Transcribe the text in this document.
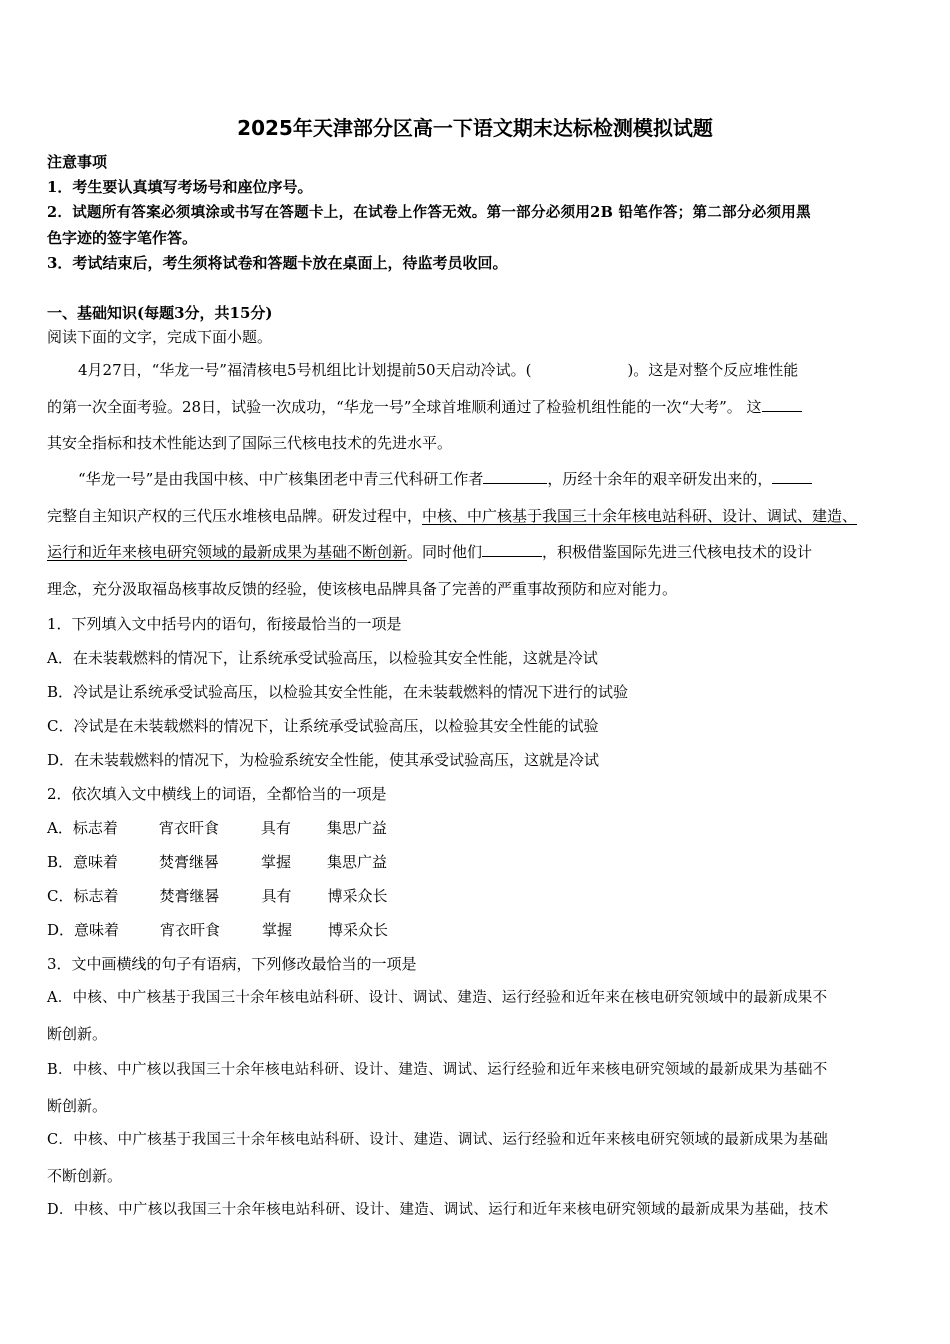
2025年天津部分区高一下语文期末达标检测模拟试题
注意事项
1．考生要认真填写考场号和座位序号。
2．试题所有答案必须填涂或书写在答题卡上，在试卷上作答无效。第一部分必须用2B 铅笔作答；第二部分必须用黑
色字迹的签字笔作答。
3．考试结束后，考生须将试卷和答题卡放在桌面上，待监考员收回。
一、基础知识(每题3分，共15分)
阅读下面的文字，完成下面小题。
4月27日，“华龙一号”福清核电5号机组比计划提前50天启动冷试。(	)。这是对整个反应堆性能
的第一次全面考验。28日，试验一次成功，“华龙一号”全球首堆顺利通过了检验机组性能的一次“大考”。 这
其安全指标和技术性能达到了国际三代核电技术的先进水平。
“华龙一号”是由我国中核、中广核集团老中青三代科研工作者	，历经十余年的艰辛研发出来的，
完整自主知识产权的三代压水堆核电品牌。研发过程中，中核、中广核基于我国三十余年核电站科研、设计、调试、建造、
运行和近年来核电研究领域的最新成果为基础不断创新。同时他们	，积极借鉴国际先进三代核电技术的设计
理念，充分汲取福岛核事故反馈的经验，使该核电品牌具备了完善的严重事故预防和应对能力。
1．下列填入文中括号内的语句，衔接最恰当的一项是
A．在未装载燃料的情况下，让系统承受试验高压，以检验其安全性能，这就是冷试
B．冷试是让系统承受试验高压，以检验其安全性能，在未装载燃料的情况下进行的试验
C．冷试是在未装载燃料的情况下，让系统承受试验高压，以检验其安全性能的试验
D．在未装载燃料的情况下，为检验系统安全性能，使其承受试验高压，这就是冷试
2．依次填入文中横线上的词语，全都恰当的一项是
A．标志着	宵衣旰食	具有 集思广益
B．意味着	焚膏继晷	掌握 集思广益
C．标志着	焚膏继晷	具有 博采众长
D．意味着	宵衣旰食	掌握 博采众长
3．文中画横线的句子有语病，下列修改最恰当的一项是
A．中核、中广核基于我国三十余年核电站科研、设计、调试、建造、运行经验和近年来在核电研究领域中的最新成果不
断创新。
B．中核、中广核以我国三十余年核电站科研、设计、建造、调试、运行经验和近年来核电研究领域的最新成果为基础不
断创新。
C．中核、中广核基于我国三十余年核电站科研、设计、建造、调试、运行经验和近年来核电研究领域的最新成果为基础
不断创新。
D．中核、中广核以我国三十余年核电站科研、设计、建造、调试、运行和近年来核电研究领域的最新成果为基础，技术
